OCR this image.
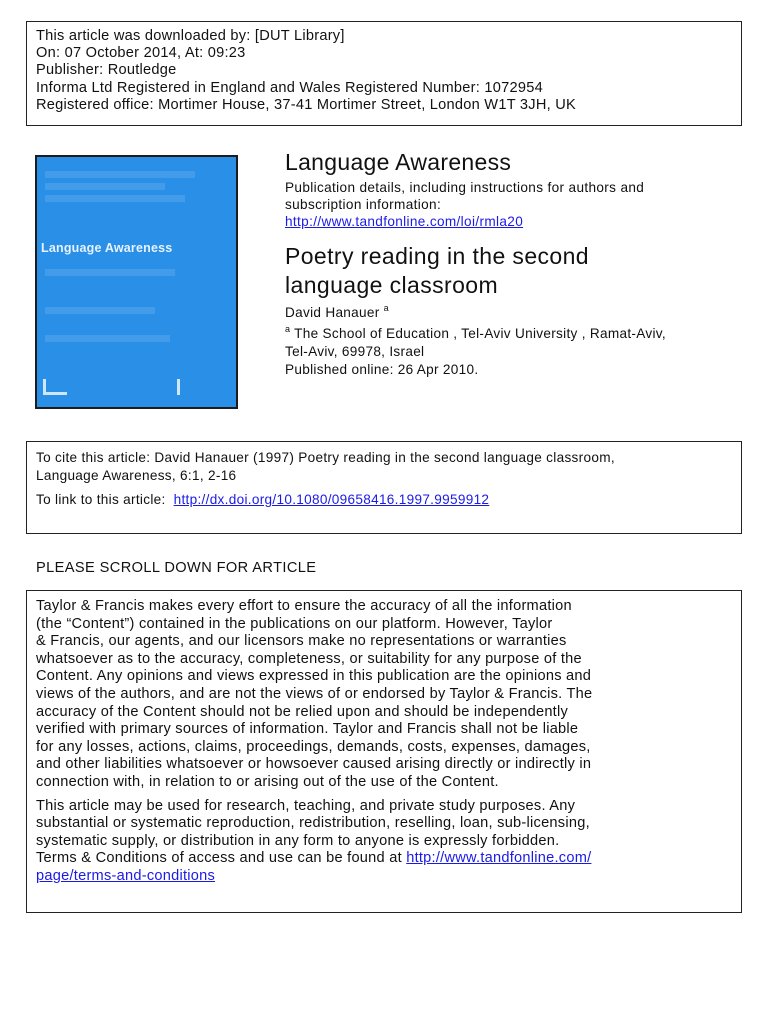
This article was downloaded by: [DUT Library]
On: 07 October 2014, At: 09:23
Publisher: Routledge
Informa Ltd Registered in England and Wales Registered Number: 1072954
Registered office: Mortimer House, 37-41 Mortimer Street, London W1T 3JH, UK
Language Awareness
Language Awareness
Publication details, including instructions for authors and
subscription information:
http://www.tandfonline.com/loi/rmla20
Poetry reading in the second
language classroom
David Hanauer $^a$
$^a$ The School of Education , Tel-Aviv University , Ramat-Aviv,
Tel-Aviv, 69978, Israel
Published online: 26 Apr 2010.
To cite this article: David Hanauer (1997) Poetry reading in the second language classroom,
Language Awareness, 6:1, 2-16
To link to this article: http://dx.doi.org/10.1080/09658416.1997.9959912
PLEASE SCROLL DOWN FOR ARTICLE
Taylor & Francis makes every effort to ensure the accuracy of all the information
(the “Content”) contained in the publications on our platform. However, Taylor
& Francis, our agents, and our licensors make no representations or warranties
whatsoever as to the accuracy, completeness, or suitability for any purpose of the
Content. Any opinions and views expressed in this publication are the opinions and
views of the authors, and are not the views of or endorsed by Taylor & Francis. The
accuracy of the Content should not be relied upon and should be independently
verified with primary sources of information. Taylor and Francis shall not be liable
for any losses, actions, claims, proceedings, demands, costs, expenses, damages,
and other liabilities whatsoever or howsoever caused arising directly or indirectly in
connection with, in relation to or arising out of the use of the Content.
This article may be used for research, teaching, and private study purposes. Any
substantial or systematic reproduction, redistribution, reselling, loan, sub-licensing,
systematic supply, or distribution in any form to anyone is expressly forbidden.
Terms & Conditions of access and use can be found at http://www.tandfonline.com/
page/terms-and-conditions
